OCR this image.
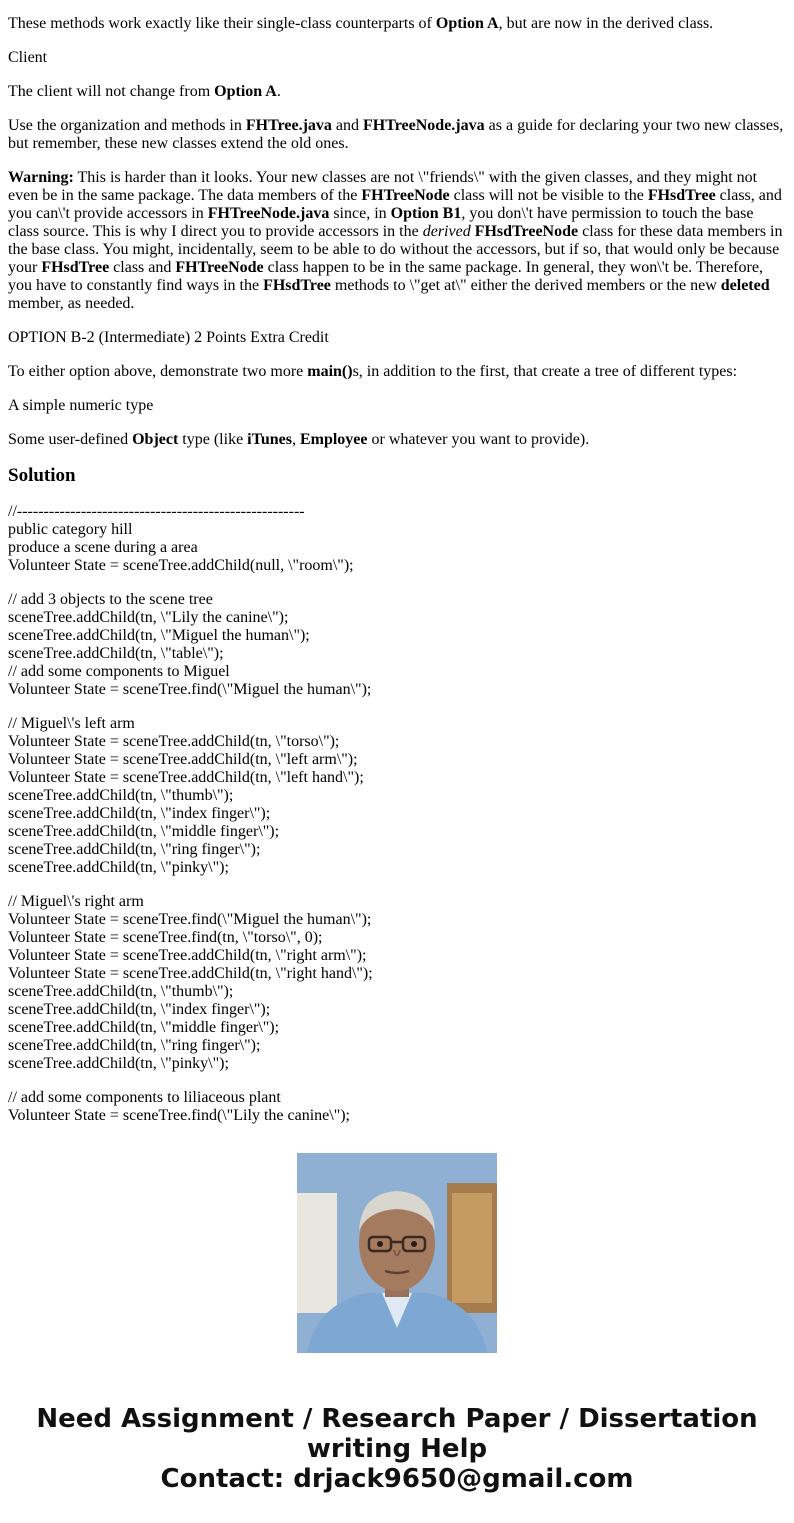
These methods work exactly like their single-class counterparts of Option A, but are now in the derived class.

Client

The client will not change from Option A.

Use the organization and methods in FHTree.java and FHTreeNode.java as a guide for declaring your two new classes, but remember, these new classes extend the old ones.

Warning: This is harder than it looks. Your new classes are not \"friends\" with the given classes, and they might not even be in the same package. The data members of the FHTreeNode class will not be visible to the FHsdTree class, and you can\'t provide accessors in FHTreeNode.java since, in Option B1, you don\'t have permission to touch the base class source. This is why I direct you to provide accessors in the derived FHsdTreeNode class for these data members in the base class. You might, incidentally, seem to be able to do without the accessors, but if so, that would only be because your FHsdTree class and FHTreeNode class happen to be in the same package. In general, they won\'t be. Therefore, you have to constantly find ways in the FHsdTree methods to \"get at\" either the derived members or the new deleted member, as needed.

OPTION B-2 (Intermediate) 2 Points Extra Credit

To either option above, demonstrate two more main()s, in addition to the first, that create a tree of different types:

A simple numeric type

Some user-defined Object type (like iTunes, Employee or whatever you want to provide).

Solution
//------------------------------------------------------
public category hill
produce a scene during a area
Volunteer State = sceneTree.addChild(null, \"room\");
// add 3 objects to the scene tree
sceneTree.addChild(tn, \"Lily the canine\");
sceneTree.addChild(tn, \"Miguel the human\");
sceneTree.addChild(tn, \"table\");
// add some components to Miguel
Volunteer State = sceneTree.find(\"Miguel the human\");
// Miguel\'s left arm
Volunteer State = sceneTree.addChild(tn, \"torso\");
Volunteer State = sceneTree.addChild(tn, \"left arm\");
Volunteer State = sceneTree.addChild(tn, \"left hand\");
sceneTree.addChild(tn, \"thumb\");
sceneTree.addChild(tn, \"index finger\");
sceneTree.addChild(tn, \"middle finger\");
sceneTree.addChild(tn, \"ring finger\");
sceneTree.addChild(tn, \"pinky\");
// Miguel\'s right arm
Volunteer State = sceneTree.find(\"Miguel the human\");
Volunteer State = sceneTree.find(tn, \"torso\", 0);
Volunteer State = sceneTree.addChild(tn, \"right arm\");
Volunteer State = sceneTree.addChild(tn, \"right hand\");
sceneTree.addChild(tn, \"thumb\");
sceneTree.addChild(tn, \"index finger\");
sceneTree.addChild(tn, \"middle finger\");
sceneTree.addChild(tn, \"ring finger\");
sceneTree.addChild(tn, \"pinky\");
// add some components to liliaceous plant
Volunteer State = sceneTree.find(\"Lily the canine\");
Need Assignment / Research Paper / Dissertation
writing Help
Contact: drjack9650@gmail.com
